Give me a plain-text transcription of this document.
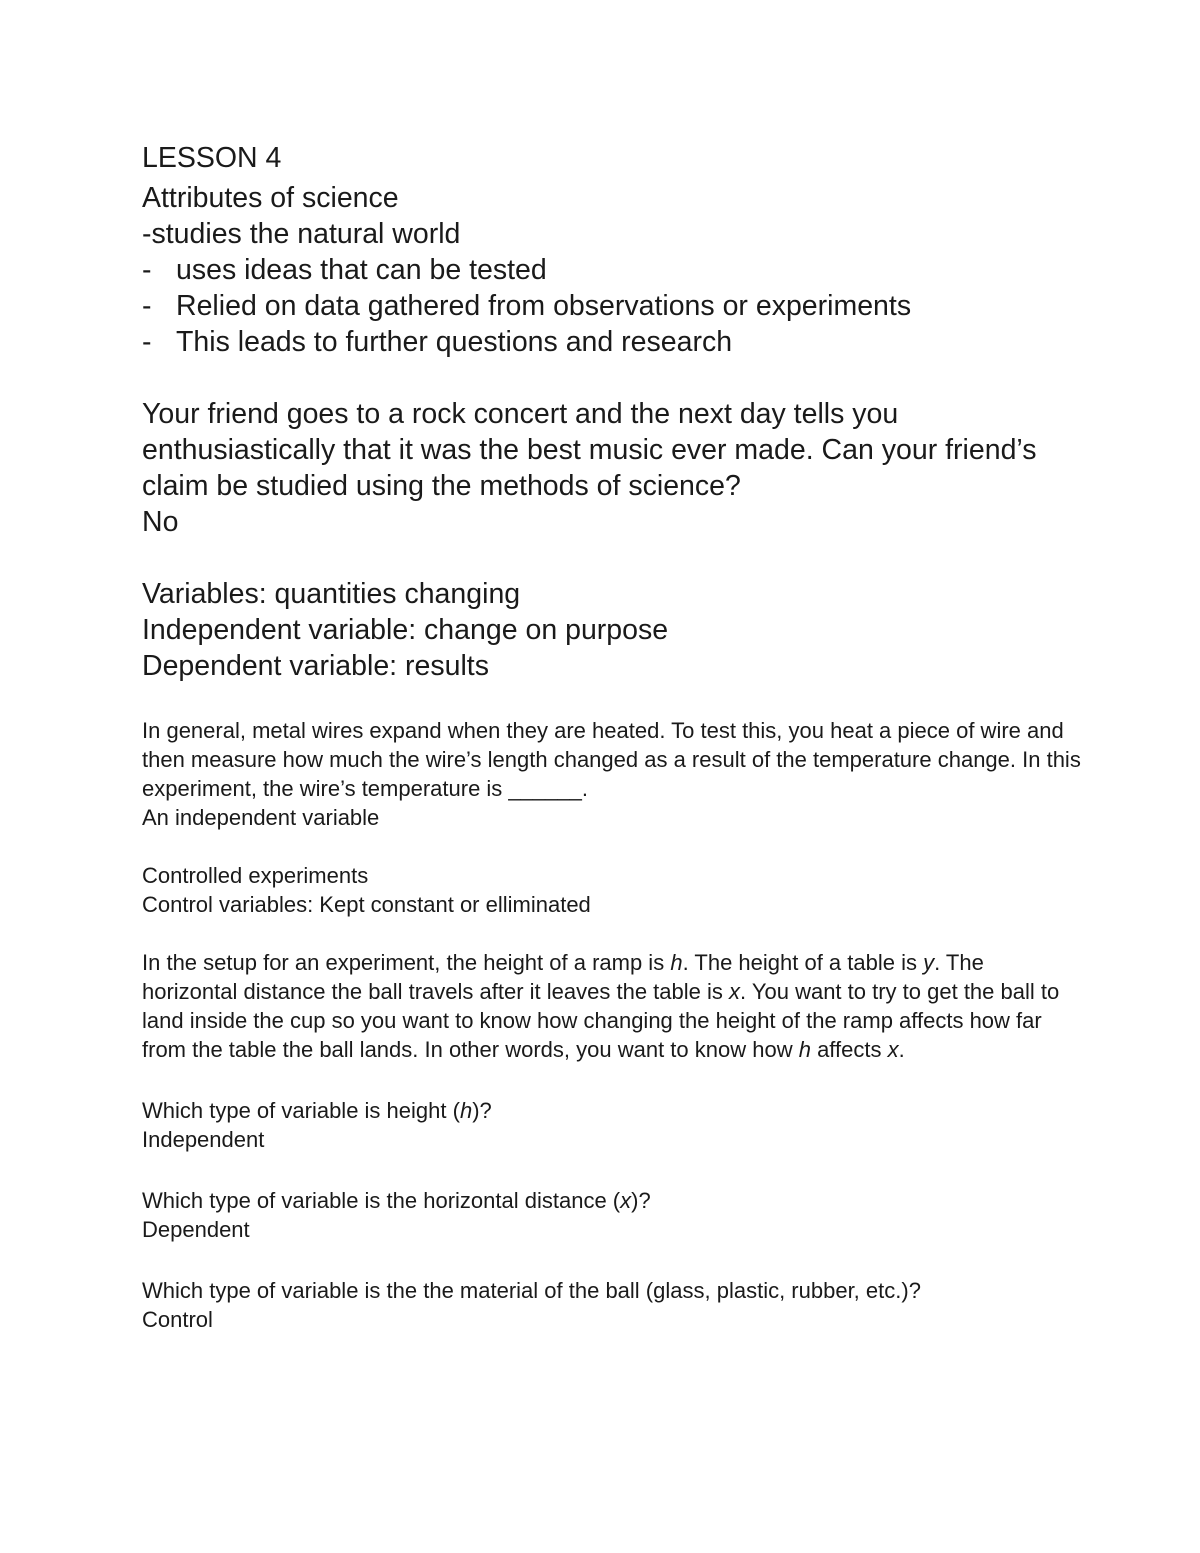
LESSON 4

Attributes of science

-studies the natural world

- uses ideas that can be tested
- Relied on data gathered from observations or experiments
- This leads to further questions and research

Your friend goes to a rock concert and the next day tells you enthusiastically that it was the best music ever made. Can your friend’s claim be studied using the methods of science?

No

Variables: quantities changing

Independent variable: change on purpose

Dependent variable: results

In general, metal wires expand when they are heated. To test this, you heat a piece of wire and then measure how much the wire’s length changed as a result of the temperature change. In this experiment, the wire’s temperature is ______.

An independent variable

Controlled experiments

Control variables: Kept constant or elliminated

In the setup for an experiment, the height of a ramp is h. The height of a table is y. The horizontal distance the ball travels after it leaves the table is x. You want to try to get the ball to land inside the cup so you want to know how changing the height of the ramp affects how far from the table the ball lands. In other words, you want to know how h affects x.

Which type of variable is height (h)?

Independent

Which type of variable is the horizontal distance (x)?

Dependent

Which type of variable is the the material of the ball (glass, plastic, rubber, etc.)?

Control
